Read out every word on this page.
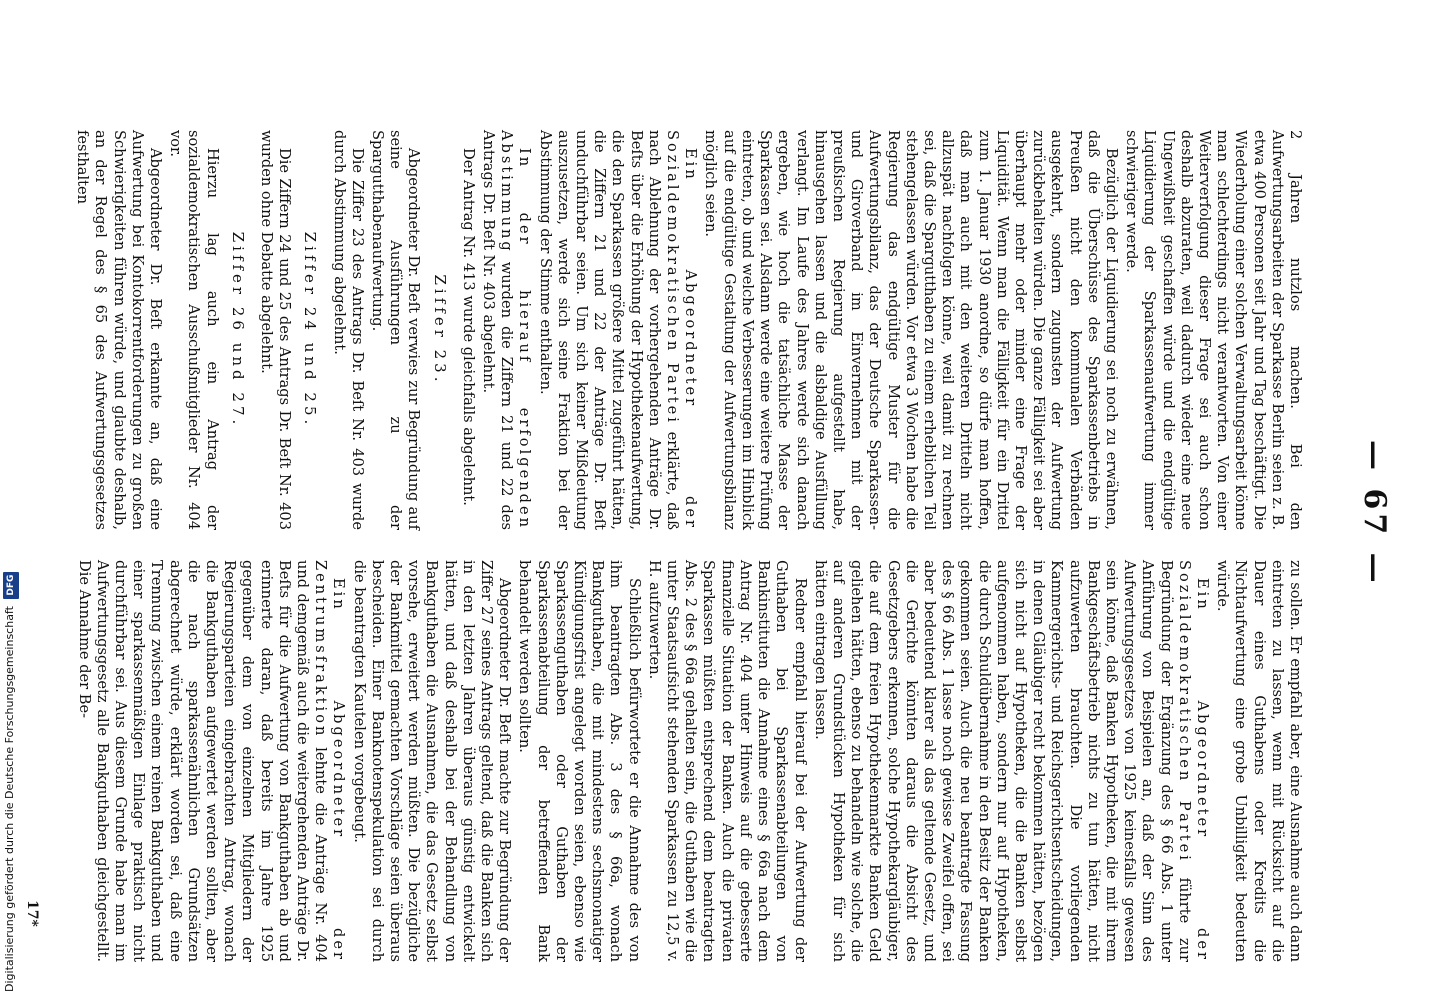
— 67 —

2 Jahren nutzlos machen. Bei den Aufwertungsarbeiten der Sparkasse Berlin seien z. B. etwa 400 Personen seit Jahr und Tag beschäftigt. Die Wiederholung einer solchen Verwaltungsarbeit könne man schlechterdings nicht verantworten. Von einer Weiterverfolgung dieser Frage sei auch schon deshalb abzuraten, weil dadurch wieder eine neue Ungewißheit geschaffen würde und die endgültige Liquidierung der Sparkassenaufwertung immer schwieriger werde.

Bezüglich der Liquidierung sei noch zu erwähnen, daß die Überschüsse des Sparkassenbetriebs in Preußen nicht den kommunalen Verbänden ausgekehrt, sondern zugunsten der Aufwertung zurückbehalten würden. Die ganze Fälligkeit sei aber überhaupt mehr oder minder eine Frage der Liquidität. Wenn man die Fälligkeit für ein Drittel zum 1. Januar 1930 anordne, so dürfe man hoffen, daß man auch mit den weiteren Dritteln nicht allzuspät nachfolgen könne, weil damit zu rechnen sei, daß die Spargutthaben zu einem erheblichen Teil stehengelassen würden. Vor etwa 3 Wochen habe die Regierung das endgültige Muster für die Aufwertungsbilanz, das der Deutsche Sparkassen- und Giroverband im Einvernehmen mit der preußischen Regierung aufgestellt habe, hinausgehen lassen und die alsbaldige Ausfüllung verlangt. Im Laufe des Jahres werde sich danach ergeben, wie hoch die tatsächliche Masse der Sparkassen sei. Alsdann werde eine weitere Prüfung eintreten, ob und welche Verbesserungen im Hinblick auf die endgültige Gestaltung der Aufwertungsbilanz möglich seien.

Ein Abgeordneter der Sozialdemokratischen Partei erklärte, daß nach Ablehnung der vorhergehenden Anträge Dr. Beſts über die Erhöhung der Hypothekenaufwertung, die den Sparkassen größere Mittel zugeführt hätten, die Ziffern 21 und 22 der Anträge Dr. Beſt unduchführbar seien. Um sich keiner Mißdeutung auszusetzen, werde sich seine Fraktion bei der Abstimmung der Stimme enthalten.

In der hierauf erfolgenden Abstimmung wurden die Ziffern 21 und 22 des Antrags Dr. Beſt Nr. 403 abgelehnt.

Der Antrag Nr. 413 wurde gleichfalls abgelehnt.

Ziffer 23.

Abgeordneter Dr. Beſt verwies zur Begründung auf seine Ausführungen zu der Spargutthabenaufwertung.

Die Ziffer 23 des Antrags Dr. Beſt Nr. 403 wurde durch Abstimmung abgelehnt.

Ziffer 24 und 25.

Die Ziffern 24 und 25 des Antrags Dr. Beſt Nr. 403 wurden ohne Debatte abgelehnt.

Ziffer 26 und 27.

Hierzu lag auch ein Antrag der sozialdemokratischen Ausschußmitglieder Nr. 404 vor.

Abgeordneter Dr. Beſt erkannte an, daß eine Aufwertung bei Kontokorrentforderungen zu großen Schwierigkeiten führen würde, und glaubte deshalb, an der Regel des § 65 des Aufwertungsgesetzes festhalten

zu sollen. Er empfahl aber, eine Ausnahme auch dann eintreten zu lassen, wenn mit Rücksicht auf die Dauer eines Guthabens oder Kredits die Nichtaufwertung eine grobe Unbilligkeit bedeuten würde.

Ein Abgeordneter der Sozialdemokratischen Partei führte zur Begründung der Ergänzung des § 66 Abs. 1 unter Anführung von Beispielen an, daß der Sinn des Aufwertungsgesetzes von 1925 keinesfalls gewesen sein könne, daß Banken Hypotheken, die mit ihrem Bankgeschäftsbetrieb nichts zu tun hätten, nicht aufzuwerten brauchten. Die vorliegenden Kammergerichts- und Reichsgerichtsentscheidungen, in denen Gläubiger recht bekommen hätten, bezögen sich nicht auf Hypotheken, die die Banken selbst aufgenommen haben, sondern nur auf Hypotheken, die durch Schuldübernahme in den Besitz der Banken gekommen seien. Auch die neu beantragte Fassung des § 66 Abs. 1 lasse noch gewisse Zweifel offen, sei aber bedeutend klarer als das geltende Gesetz, und die Gerichte könnten daraus die Absicht des Gesetzgebers erkennen, solche Hypothekargläubiger, die auf dem freien Hypothekenmarkte Banken Geld geliehen hätten, ebenso zu behandeln wie solche, die auf anderen Grundstücken Hypotheken für sich hätten eintragen lassen.

Redner empfahl hierauf bei der Aufwertung der Guthaben bei Sparkassenabteilungen von Bankinstituten die Annahme eines § 66a nach dem Antrag Nr. 404 unter Hinweis auf die gebesserte finanzielle Situation der Banken. Auch die privaten Sparkassen müßten entsprechend dem beantragten Abs. 2 des § 66a gehalten sein, die Guthaben wie die unter Staatsaufsicht stehenden Sparkassen zu 12,5 v. H. aufzuwerten.

Schließlich befürwortete er die Annahme des von ihm beantragten Abs. 3 des § 66a, wonach Bankguthaben, die mit mindestens sechsmonatiger Kündigungsfrist angelegt worden seien, ebenso wie Sparkassenguthaben oder Guthaben der Sparkassenabteilung der betreffenden Bank behandelt werden sollten.

Abgeordneter Dr. Beſt machte zur Begründung der Ziffer 27 seines Antrags geltend, daß die Banken sich in den letzten Jahren überaus günstig entwickelt hätten, und daß deshalb bei der Behandlung von Bankguthaben die Ausnahmen, die das Gesetz selbst vorsehe, erweitert werden müßten. Die bezügliche der Bankmittel gemachten Vorschläge seien überaus bescheiden. Einer Banknotenspekulation sei durch die beantragten Kautelen vorgebeugt.

Ein Abgeordneter der Zentrumsfraktion lehnte die Anträge Nr. 404 und demgemäß auch die weitergehenden Anträge Dr. Beſts für die Aufwertung von Bankguthaben ab und erinnerte daran, daß bereits im Jahre 1925 gegenüber dem von einzelnen Mitgliedern der Regierungsparteien eingebrachten Antrag, wonach die Bankguthaben aufgewertet werden sollten, aber die nach sparkassenähnlichen Grundsätzen abgerechnet würde, erklärt worden sei, daß eine Trennung zwischen einem reinen Bankguthaben und einer sparkassenmäßigen Einlage praktisch nicht durchführbar sei. Aus diesem Grunde habe man im Aufwertungsgesetz alle Bankguthaben gleichgestellt. Die Annahme der Be-

17*
Digitalisierung gefördert durch die Deutsche Forschungsgemeinschaft DFG
